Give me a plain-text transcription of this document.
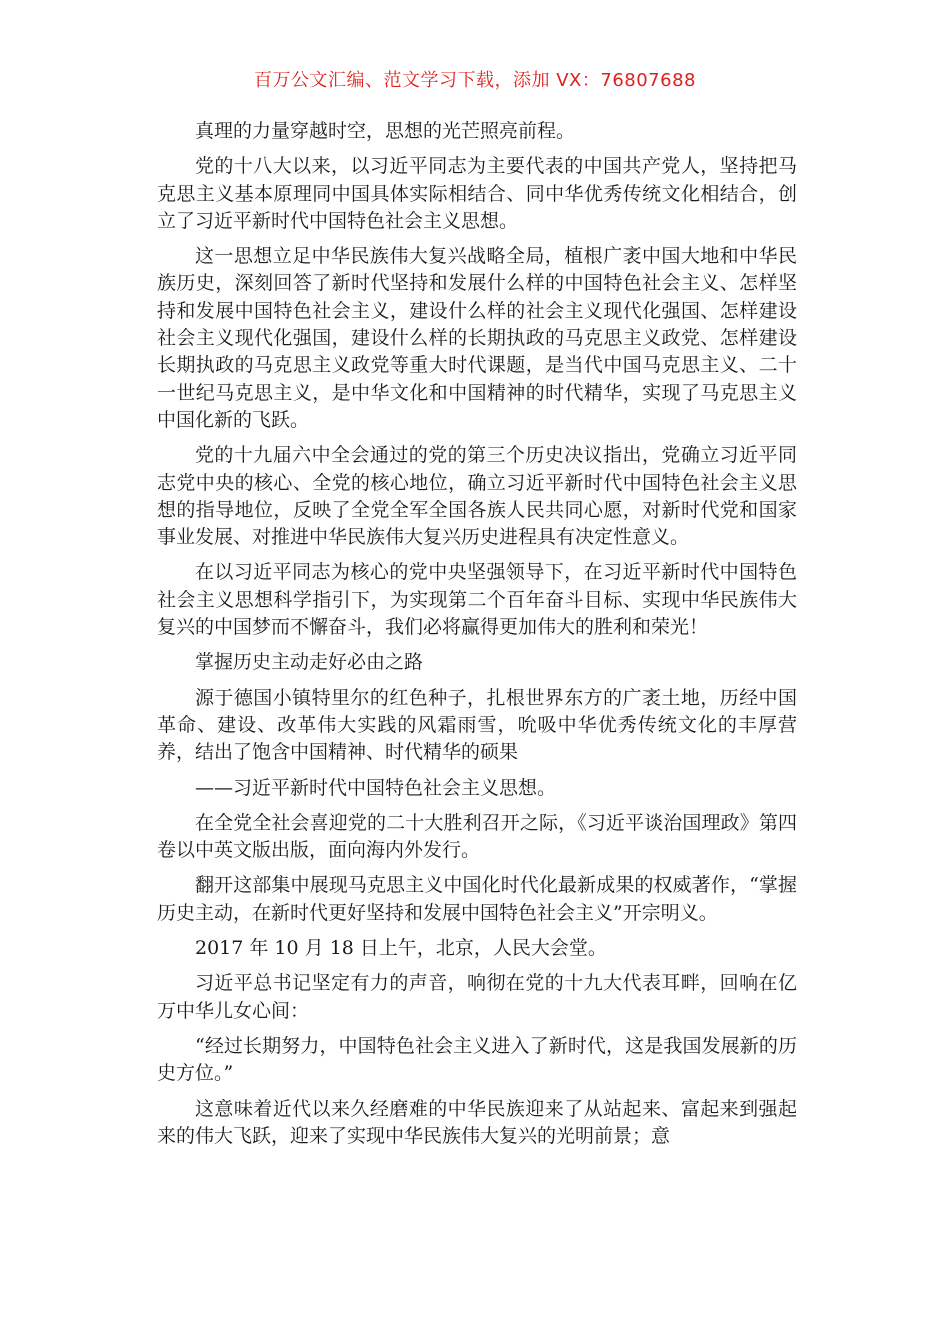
百万公文汇编、范文学习下载，添加 VX：76807688

真理的力量穿越时空，思想的光芒照亮前程。

党的十八大以来，以习近平同志为主要代表的中国共产党人，坚持把马克思主义基本原理同中国具体实际相结合、同中华优秀传统文化相结合，创立了习近平新时代中国特色社会主义思想。

这一思想立足中华民族伟大复兴战略全局，植根广袤中国大地和中华民族历史，深刻回答了新时代坚持和发展什么样的中国特色社会主义、怎样坚持和发展中国特色社会主义，建设什么样的社会主义现代化强国、怎样建设社会主义现代化强国，建设什么样的长期执政的马克思主义政党、怎样建设长期执政的马克思主义政党等重大时代课题，是当代中国马克思主义、二十一世纪马克思主义，是中华文化和中国精神的时代精华，实现了马克思主义中国化新的飞跃。

党的十九届六中全会通过的党的第三个历史决议指出，党确立习近平同志党中央的核心、全党的核心地位，确立习近平新时代中国特色社会主义思想的指导地位，反映了全党全军全国各族人民共同心愿，对新时代党和国家事业发展、对推进中华民族伟大复兴历史进程具有决定性意义。

在以习近平同志为核心的党中央坚强领导下，在习近平新时代中国特色社会主义思想科学指引下，为实现第二个百年奋斗目标、实现中华民族伟大复兴的中国梦而不懈奋斗，我们必将赢得更加伟大的胜利和荣光！

掌握历史主动走好必由之路

源于德国小镇特里尔的红色种子，扎根世界东方的广袤土地，历经中国革命、建设、改革伟大实践的风霜雨雪，吮吸中华优秀传统文化的丰厚营养，结出了饱含中国精神、时代精华的硕果

——习近平新时代中国特色社会主义思想。

在全党全社会喜迎党的二十大胜利召开之际，《习近平谈治国理政》第四卷以中英文版出版，面向海内外发行。

翻开这部集中展现马克思主义中国化时代化最新成果的权威著作，“掌握历史主动，在新时代更好坚持和发展中国特色社会主义”开宗明义。

2017 年 10 月 18 日上午，北京，人民大会堂。

习近平总书记坚定有力的声音，响彻在党的十九大代表耳畔，回响在亿万中华儿女心间：

“经过长期努力，中国特色社会主义进入了新时代，这是我国发展新的历史方位。”

这意味着近代以来久经磨难的中华民族迎来了从站起来、富起来到强起来的伟大飞跃，迎来了实现中华民族伟大复兴的光明前景；意
